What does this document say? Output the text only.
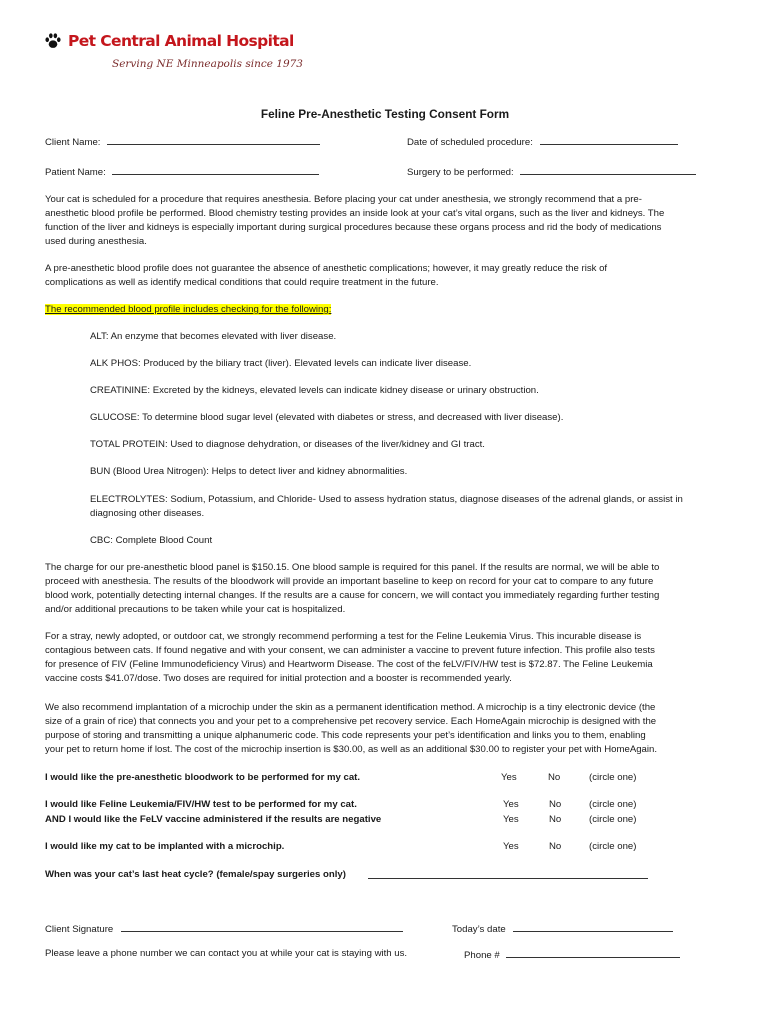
Pet Central Animal Hospital
Serving NE Minneapolis since 1973
Feline Pre-Anesthetic Testing Consent Form
Client Name:	Date of scheduled procedure:
Patient Name:	Surgery to be performed:

Your cat is scheduled for a procedure that requires anesthesia. Before placing your cat under anesthesia, we strongly recommend that a pre-

anesthetic blood profile be performed. Blood chemistry testing provides an inside look at your cat’s vital organs, such as the liver and kidneys. The

function of the liver and kidneys is especially important during surgical procedures because these organs process and rid the body of medications

used during anesthesia.

A pre-anesthetic blood profile does not guarantee the absence of anesthetic complications; however, it may greatly reduce the risk of

complications as well as identify medical conditions that could require treatment in the future.

The recommended blood profile includes checking for the following:
ALT: An enzyme that becomes elevated with liver disease.
ALK PHOS: Produced by the biliary tract (liver). Elevated levels can indicate liver disease.
CREATININE: Excreted by the kidneys, elevated levels can indicate kidney disease or urinary obstruction.
GLUCOSE: To determine blood sugar level (elevated with diabetes or stress, and decreased with liver disease).
TOTAL PROTEIN: Used to diagnose dehydration, or diseases of the liver/kidney and GI tract.
BUN (Blood Urea Nitrogen): Helps to detect liver and kidney abnormalities.

ELECTROLYTES: Sodium, Potassium, and Chloride- Used to assess hydration status, diagnose diseases of the adrenal glands, or assist in

diagnosing other diseases.

CBC: Complete Blood Count

The charge for our pre-anesthetic blood panel is $150.15. One blood sample is required for this panel. If the results are normal, we will be able to

proceed with anesthesia. The results of the bloodwork will provide an important baseline to keep on record for your cat to compare to any future

blood work, potentially detecting internal changes. If the results are a cause for concern, we will contact you immediately regarding further testing

and/or additional precautions to be taken while your cat is hospitalized.

For a stray, newly adopted, or outdoor cat, we strongly recommend performing a test for the Feline Leukemia Virus. This incurable disease is

contagious between cats. If found negative and with your consent, we can administer a vaccine to prevent future infection. This profile also tests

for presence of FIV (Feline Immunodeficiency Virus) and Heartworm Disease. The cost of the feLV/FIV/HW test is $72.87. The Feline Leukemia

vaccine costs $41.07/dose. Two doses are required for initial protection and a booster is recommended yearly.

We also recommend implantation of a microchip under the skin as a permanent identification method. A microchip is a tiny electronic device (the

size of a grain of rice) that connects you and your pet to a comprehensive pet recovery service. Each HomeAgain microchip is designed with the

purpose of storing and transmitting a unique alphanumeric code. This code represents your pet’s identification and links you to them, enabling

your pet to return home if lost. The cost of the microchip insertion is $30.00, as well as an additional $30.00 to register your pet with HomeAgain.

I would like the pre-anesthetic bloodwork to be performed for my cat.	Yes	No	(circle one)
I would like Feline Leukemia/FIV/HW test to be performed for my cat.	Yes	No	(circle one)
AND I would like the FeLV vaccine administered if the results are negative	Yes	No	(circle one)
I would like my cat to be implanted with a microchip.	Yes	No	(circle one)
When was your cat’s last heat cycle? (female/spay surgeries only)
Client Signature	Today’s date
Please leave a phone number we can contact you at while your cat is staying with us.	Phone #
